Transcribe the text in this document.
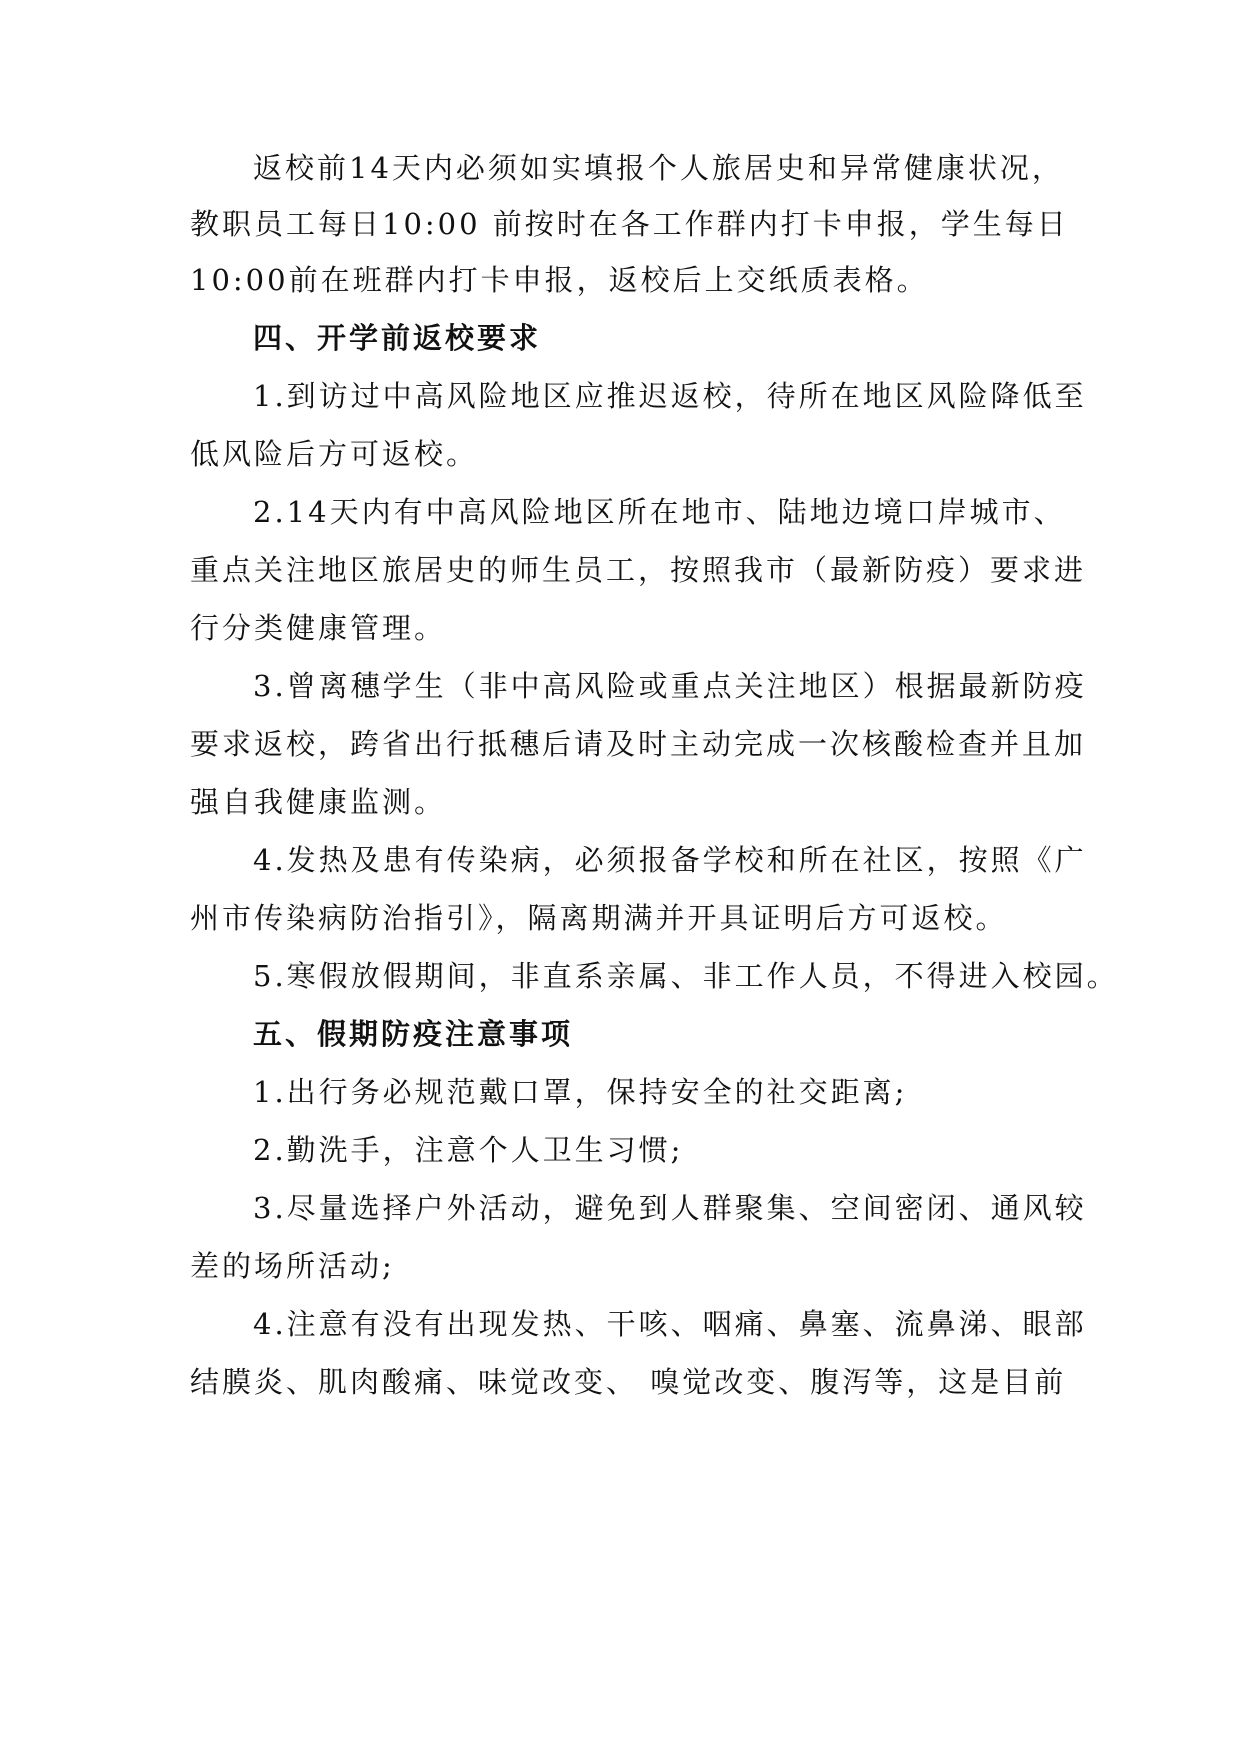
返校前14天内必须如实填报个人旅居史和异常健康状况，
教职员工每日10:00 前按时在各工作群内打卡申报，学生每日
10:00前在班群内打卡申报，返校后上交纸质表格。
四、开学前返校要求
1.到访过中高风险地区应推迟返校，待所在地区风险降低至
低风险后方可返校。
2.14天内有中高风险地区所在地市、陆地边境口岸城市、
重点关注地区旅居史的师生员工，按照我市（最新防疫）要求进
行分类健康管理。
3.曾离穗学生（非中高风险或重点关注地区）根据最新防疫
要求返校，跨省出行抵穗后请及时主动完成一次核酸检查并且加
强自我健康监测。
4.发热及患有传染病，必须报备学校和所在社区，按照《广
州市传染病防治指引》，隔离期满并开具证明后方可返校。
5.寒假放假期间，非直系亲属、非工作人员，不得进入校园。
五、假期防疫注意事项
1.出行务必规范戴口罩，保持安全的社交距离;
2.勤洗手，注意个人卫生习惯;
3.尽量选择户外活动，避免到人群聚集、空间密闭、通风较
差的场所活动;
4.注意有没有出现发热、干咳、咽痛、鼻塞、流鼻涕、眼部
结膜炎、肌肉酸痛、味觉改变、 嗅觉改变、腹泻等，这是目前
